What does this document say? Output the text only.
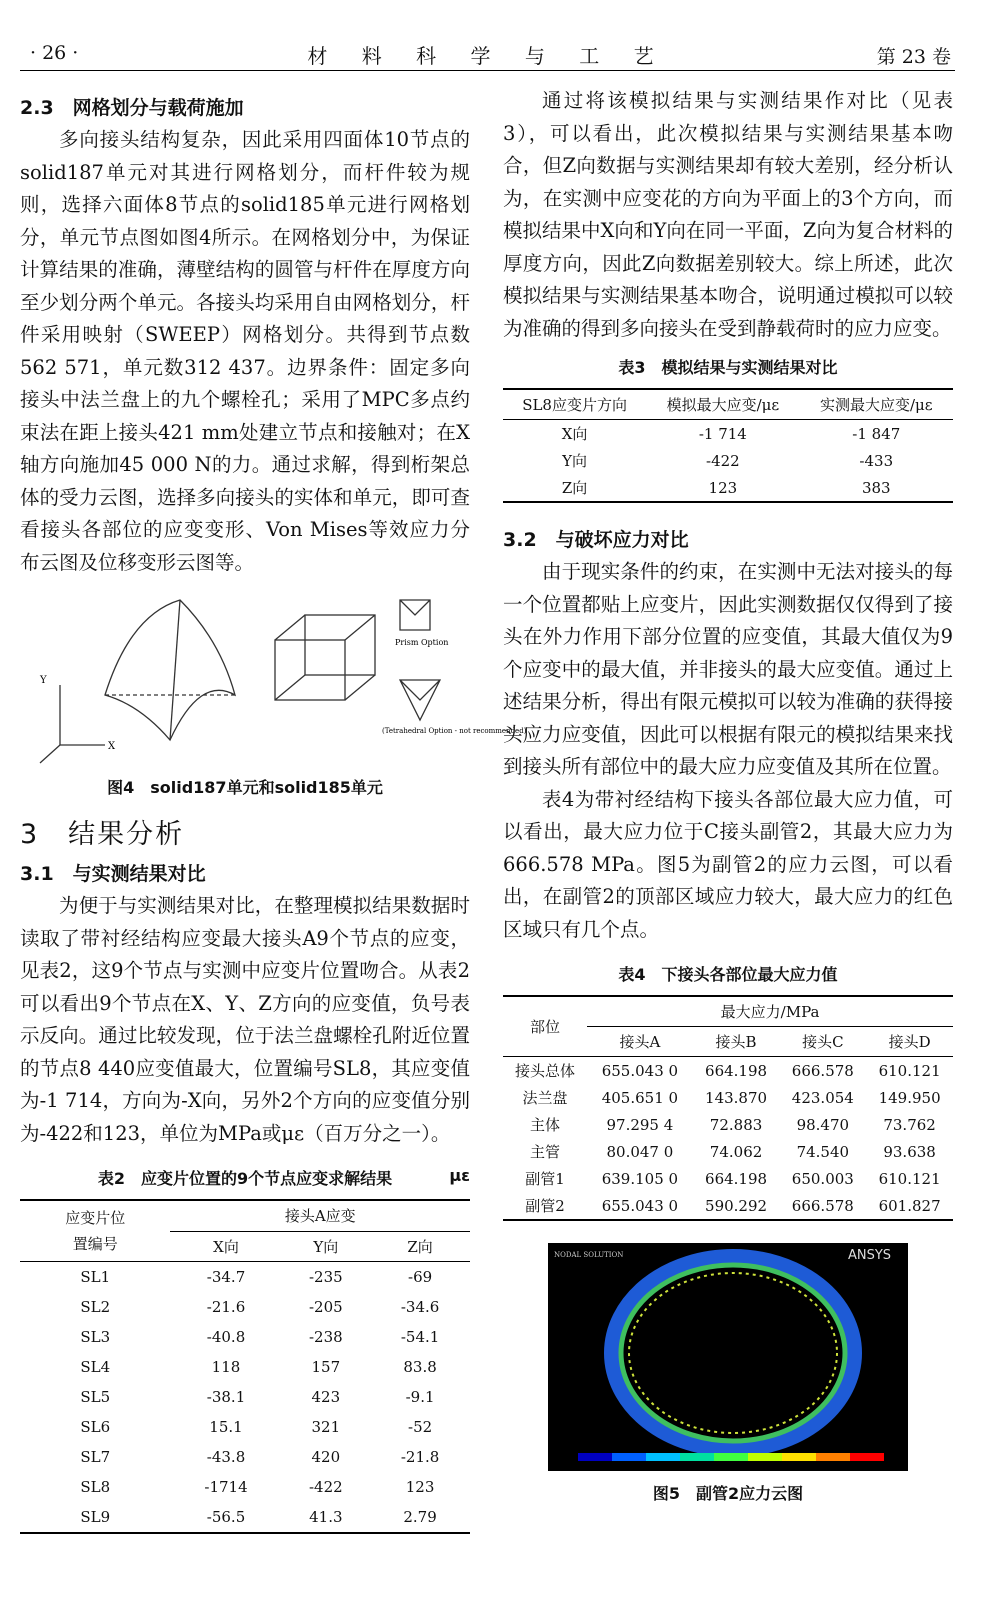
· 26 ·	材 料 科 学 与 工 艺	第 23 卷
2.3　网格划分与载荷施加

多向接头结构复杂，因此采用四面体10节点的solid187单元对其进行网格划分，而杆件较为规则，选择六面体8节点的solid185单元进行网格划分，单元节点图如图4所示。在网格划分中，为保证计算结果的准确，薄壁结构的圆管与杆件在厚度方向至少划分两个单元。各接头均采用自由网格划分，杆件采用映射（SWEEP）网格划分。共得到节点数562 571，单元数312 437。边界条件：固定多向接头中法兰盘上的九个螺栓孔；采用了MPC多点约束法在距上接头421 mm处建立节点和接触对；在X轴方向施加45 000 N的力。通过求解，得到桁架总体的受力云图，选择多向接头的实体和单元，即可查看接头各部位的应变变形、Von Mises等效应力分布云图及位移变形云图等。

Y
X
Prism Option
(Tetrahedral Option - not recommended)
图4　solid187单元和solid185单元
3　结果分析
3.1　与实测结果对比

为便于与实测结果对比，在整理模拟结果数据时读取了带衬经结构应变最大接头A9个节点的应变，见表2，这9个节点与实测中应变片位置吻合。从表2可以看出9个节点在X、Y、Z方向的应变值，负号表示反向。通过比较发现，位于法兰盘螺栓孔附近位置的节点8 440应变值最大，位置编号SL8，其应变值为-1 714，方向为-X向，另外2个方向的应变值分别为-422和123，单位为MPa或με（百万分之一）。

表2　应变片位置的9个节点应变求解结果	με
应变片位
置编号	接头A应变		
	X向	Y向	Z向
SL1	-34.7	-235	-69
SL2	-21.6	-205	-34.6
SL3	-40.8	-238	-54.1
SL4	118	157	83.8
SL5	-38.1	423	-9.1
SL6	15.1	321	-52
SL7	-43.8	420	-21.8
SL8	-1714	-422	123
SL9	-56.5	41.3	2.79

通过将该模拟结果与实测结果作对比（见表3），可以看出，此次模拟结果与实测结果基本吻合，但Z向数据与实测结果却有较大差别，经分析认为，在实测中应变花的方向为平面上的3个方向，而模拟结果中X向和Y向在同一平面，Z向为复合材料的厚度方向，因此Z向数据差别较大。综上所述，此次模拟结果与实测结果基本吻合，说明通过模拟可以较为准确的得到多向接头在受到静载荷时的应力应变。

表3　模拟结果与实测结果对比
SL8应变片方向	模拟最大应变/με	实测最大应变/με
X向	-1 714	-1 847
Y向	-422	-433
Z向	123	383
3.2　与破坏应力对比

由于现实条件的约束，在实测中无法对接头的每一个位置都贴上应变片，因此实测数据仅仅得到了接头在外力作用下部分位置的应变值，其最大值仅为9个应变中的最大值，并非接头的最大应变值。通过上述结果分析，得出有限元模拟可以较为准确的获得接头应力应变值，因此可以根据有限元的模拟结果来找到接头所有部位中的最大应力应变值及其所在位置。

表4为带衬经结构下接头各部位最大应力值，可以看出，最大应力位于C接头副管2，其最大应力为666.578 MPa。图5为副管2的应力云图，可以看出，在副管2的顶部区域应力较大，最大应力的红色区域只有几个点。

表4　下接头各部位最大应力值
部位	最大应力/MPa			
	接头A	接头B	接头C	接头D
接头总体	655.043 0	664.198	666.578	610.121
法兰盘	405.651 0	143.870	423.054	149.950
主体	97.295 4	72.883	98.470	73.762
主管	80.047 0	74.062	74.540	93.638
副管1	639.105 0	664.198	650.003	610.121
副管2	655.043 0	590.292	666.578	601.827
ANSYS
NODAL SOLUTION
图5　副管2应力云图
